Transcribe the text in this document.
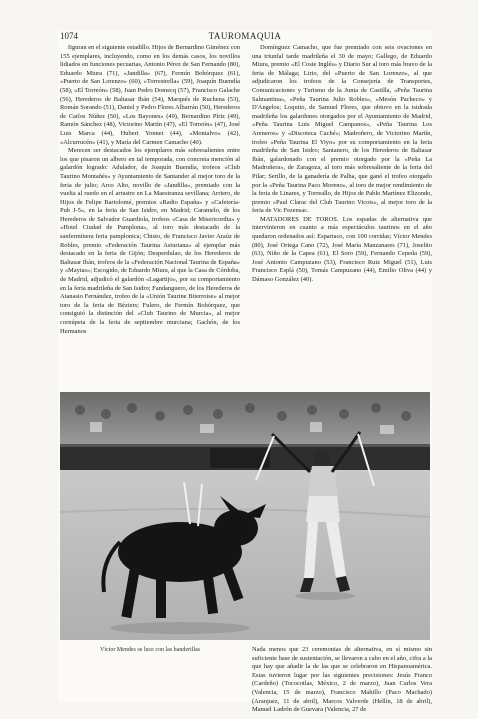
1074	TAUROMAQUIA

figuran en el siguiente estadillo. Hijos de Bernardino Giménez con 155 ejemplares, incluyendo, como en los demás casos, los novillos lidiados en funciones pecuarias, Antonio Pérez de San Fernando (80), Eduardo Miura (71), «Jandilla» (67), Fermín Bohórquez (61), «Puerto de San Lorenzo» (60), «Torrestrella» (59), Joaquín Buendía (58), «El Torreón» (58), Juan Pedro Domecq (57), Francisco Galache (56), Herederos de Baltasar Ibán (54), Marqués de Ruchena (53), Román Sorando (51), Daniel y Pedro Flores Albarrán (50), Herederos de Carlos Núñez (50), «Los Bayones» (49), Bernardino Píriz (49), Ramón Sánchez (48), Victorino Martín (47), «El Torreón» (47), José Luis Marca (44), Hubert Yonnet (44), «Montalvo» (42), «Alcurrucén» (41), y María del Carmen Camacho (40).

Merecen ser destacados los ejemplares más sobresalientes entre los que pisaron un albero en tal temporada, con concreta mención al galardón logrado: Adulador, de Joaquín Buendía, trofeos «Club Taurino Montañés» y Ayuntamiento de Santander al mejor toro de la feria de julio; Arco Alto, novillo de «Jandilla», premiado con la vuelta al ruedo en el arrastre en La Maestranza sevillana; Arriero, de Hijos de Felipe Bartolomé, premios «Radio España» y «Cafetería-Pub J-5», en la feria de San Isidro, en Madrid; Caramelo, de los Herederos de Salvador Guardiola, trofeos «Casa de Misericordia» y «Hotel Ciudad de Pamplona», al toro más destacado de la sanfermínera feria pamplonica; Chisto, de Francisco Javier Araúz de Robles, premio «Federación Taurina Asturiana» al ejemplar más destacado en la feria de Gijón; Desperdulao, de los Herederos de Baltasar Ibán, trofeos de la «Federación Nacional Taurina de España» y «Maytas»; Escogido, de Eduardo Miura, al que la Casa de Córdoba, de Madrid, adjudicó el galardón «Lagartijo», por su comportamiento en la feria madrileña de San Isidro; Fandanguero, de los Herederos de Atanasio Fernández, trofeo de la «Unión Taurine Biterroise» al mejor toro de la feria de Béziers; Fulero, de Fermín Bohórquez, que consiguió la distinción del «Club Taurino de Murcia», al mejor cornúpeta de la feria de septiembre murciana; Gachón, de los Hermanos

Domínguez Camacho, que fue premiado con seis ovaciones en una triunfal tarde madrileña el 30 de mayo; Gallego, de Eduardo Miura, premio «El Coste Inglés» y Diario Sur al toro más bravo de la feria de Málaga; Lirio, del «Puerto de San Lorenzo», al que adjudicaron los trofeos de la Consejería de Transportes, Comunicaciones y Turismo de la Junta de Castilla, «Peña Taurina Salmantina», «Peña Taurina Julio Robles», «Mesón Pacheco» y D'Angelos; Loquito, de Samuel Flores, que obtuvo en la isidrada madrileña los galardones otorgados por el Ayuntamiento de Madrid, «Peña Taurina Luis Miguel Campanos», «Peña Taurina Los Areneros» y «Discoteca Caché»; Madroñero, de Victorino Martín, trofeo «Peña Taurina El Yiyo» por su comportamiento en la feria madrileña de San Isidro; Santanero, de los Herederos de Baltasar Ibán, galardonado con el premio otorgado por la «Peña La Madroñera», de Zaragoza, al toro más sobresaliente de la feria del Pilar; Serillo, de la ganadería de Palha, que ganó el trofeo otorgado por la «Peña Taurina Paco Moreno», al toro de mejor rendimiento de la feria de Linares, y Torreallo, de Hijos de Pablo Martínez Elizondo, premio «Paul Clarac del Club Taurino Vicois», al mejor toro de la feria de Vic Fezensac.

MATADORES DE TOROS. Los espadas de alternativa que intervinieron en cuanto a más espectáculos taurinos en el año quedaron ordenados así: Espartaco, con 100 corridas; Víctor Mendes (80), José Ortega Cano (72), José María Manzanares (71), Joselito (63), Niño de la Capea (61), El Soro (59), Fernando Cepeda (59), José Antonio Campuzano (53), Francisco Ruiz Miguel (51), Luis Francisco Esplá (50), Tomás Campuzano (44), Emilio Oliva (44) y Dámaso González (40).

Víctor Mendes se luce con las banderillas	Nada menos que 23 ceremonias de alternativa, en sí mismo sin suficiente base de sustentación, se llevaron a cabo en el año, cifra a la que hay que añadir la de las que se celebraron en Hispanoamérica. Estas tuvieron lugar por las siguientes precisiones: Jesús Franco (Cardeño) (Tococotlas, México, 2 de marzo), Juan Carlos Vera (Valencia, 15 de marzo), Francisco Mahillo (Paco Machado) (Aranjuez, 11 de abril), Marcos Valverde (Hellín, 18 de abril), Manuel Ladrón de Guevara (Valencia, 27 de
